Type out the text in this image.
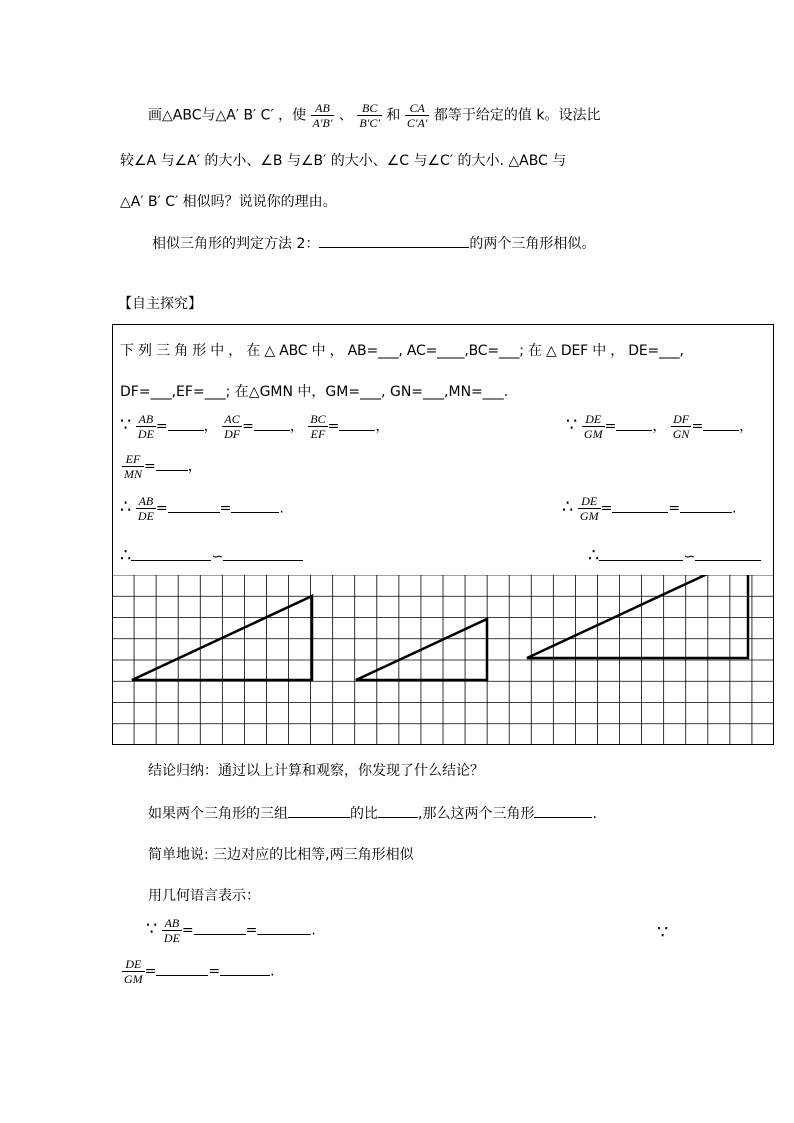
画△ABC与△A′ B′ C′ ，使 $\frac{AB}{A'B'}$ 、 $\frac{BC}{B'C'}$ 和 $\frac{CA}{C'A'}$ 都等于给定的值 k。设法比
较∠A 与∠A′ 的大小、∠B 与∠B′ 的大小、∠C 与∠C′ 的大小. △ABC 与
△A′ B′ C′ 相似吗？说说你的理由。
相似三角形的判定方法 2：	的两个三角形相似。
【自主探究】
下 列 三 角 形 中 ， 在 △ ABC 中 ， AB=___, AC=____,BC=___; 在 △ DEF 中 ， DE=___,
DF=___,EF=___; 在△GMN 中，GM=___, GN=___,MN=___.
∵ $\frac{AB}{DE}$ =	， $\frac{AC}{DF}$ =	， $\frac{BC}{EF}$ =	，	∵ $\frac{DE}{GM}$ =	， $\frac{DF}{GN}$ =	，
$\frac{EF}{MN}$ = ，
∴ $\frac{AB}{DE}$ =	=	.	∴ $\frac{DE}{GM}$ =	=	.
∴	∽	∴	∽
结论归纳：通过以上计算和观察，你发现了什么结论？
如果两个三角形的三组	的比	,那么这两个三角形	.
简单地说: 三边对应的比相等,两三角形相似
用几何语言表示：
∵ $\frac{AB}{DE}$ =	=	.	∵
$\frac{DE}{GM}$ =	=	.
